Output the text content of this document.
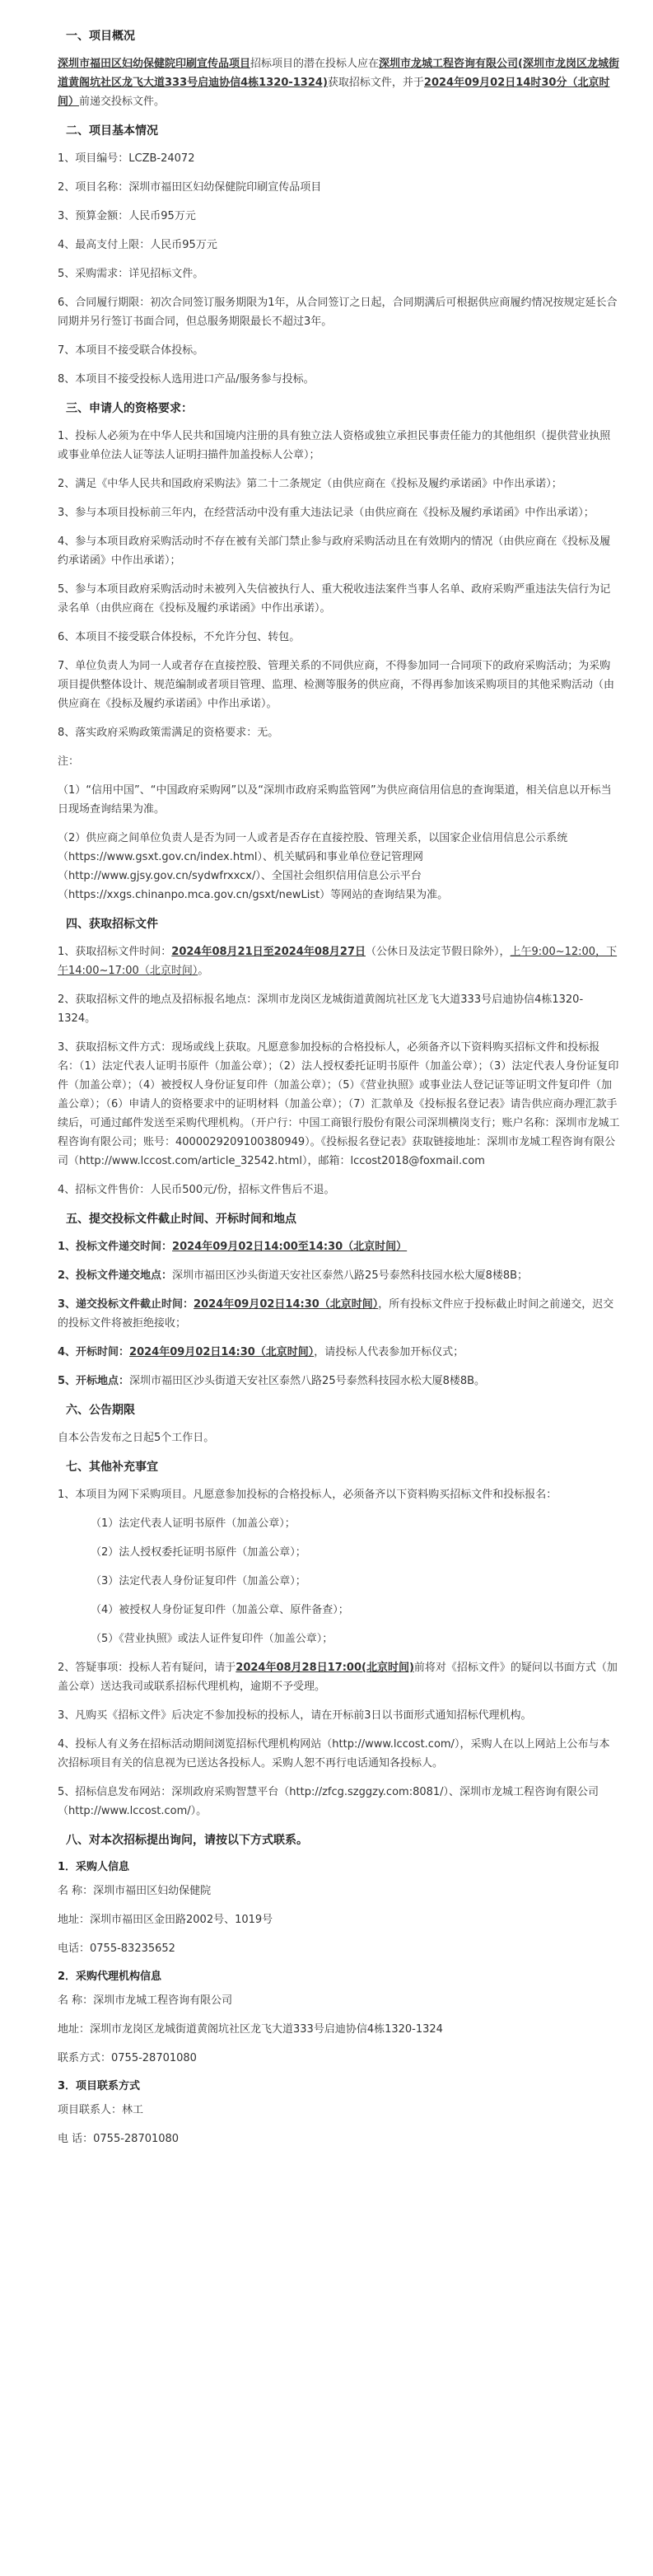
一、项目概况

深圳市福田区妇幼保健院印刷宣传品项目招标项目的潜在投标人应在深圳市龙城工程咨询有限公司(深圳市龙岗区龙城街道黄阁坑社区龙飞大道333号启迪协信4栋1320-1324)获取招标文件，并于2024年09月02日14时30分（北京时间）前递交投标文件。

二、项目基本情况

1、项目编号：LCZB-24072

2、项目名称：深圳市福田区妇幼保健院印刷宣传品项目

3、预算金额：人民币95万元

4、最高支付上限：人民币95万元

5、采购需求：详见招标文件。

6、合同履行期限：初次合同签订服务期限为1年，从合同签订之日起，合同期满后可根据供应商履约情况按规定延长合同期并另行签订书面合同，但总服务期限最长不超过3年。

7、本项目不接受联合体投标。

8、本项目不接受投标人选用进口产品/服务参与投标。

三、申请人的资格要求：

1、投标人必须为在中华人民共和国境内注册的具有独立法人资格或独立承担民事责任能力的其他组织（提供营业执照或事业单位法人证等法人证明扫描件加盖投标人公章）；

2、满足《中华人民共和国政府采购法》第二十二条规定（由供应商在《投标及履约承诺函》中作出承诺）；

3、参与本项目投标前三年内，在经营活动中没有重大违法记录（由供应商在《投标及履约承诺函》中作出承诺）；

4、参与本项目政府采购活动时不存在被有关部门禁止参与政府采购活动且在有效期内的情况（由供应商在《投标及履约承诺函》中作出承诺）；

5、参与本项目政府采购活动时未被列入失信被执行人、重大税收违法案件当事人名单、政府采购严重违法失信行为记录名单（由供应商在《投标及履约承诺函》中作出承诺）。

6、本项目不接受联合体投标，不允许分包、转包。

7、单位负责人为同一人或者存在直接控股、管理关系的不同供应商，不得参加同一合同项下的政府采购活动；为采购项目提供整体设计、规范编制或者项目管理、监理、检测等服务的供应商，不得再参加该采购项目的其他采购活动（由供应商在《投标及履约承诺函》中作出承诺）。

8、落实政府采购政策需满足的资格要求：无。

注：

（1）“信用中国”、“中国政府采购网”以及“深圳市政府采购监管网”为供应商信用信息的查询渠道，相关信息以开标当日现场查询结果为准。

（2）供应商之间单位负责人是否为同一人或者是否存在直接控股、管理关系，以国家企业信用信息公示系统（https://www.gsxt.gov.cn/index.html）、机关赋码和事业单位登记管理网（http://www.gjsy.gov.cn/sydwfrxxcx/）、全国社会组织信用信息公示平台（https://xxgs.chinanpo.mca.gov.cn/gsxt/newList）等网站的查询结果为准。

四、获取招标文件

1、获取招标文件时间：2024年08月21日至2024年08月27日（公休日及法定节假日除外），上午9:00~12:00，下午14:00~17:00（北京时间）。

2、获取招标文件的地点及招标报名地点：深圳市龙岗区龙城街道黄阁坑社区龙飞大道333号启迪协信4栋1320-1324。

3、获取招标文件方式：现场或线上获取。凡愿意参加投标的合格投标人，必须备齐以下资料购买招标文件和投标报名：（1）法定代表人证明书原件（加盖公章）；（2）法人授权委托证明书原件（加盖公章）；（3）法定代表人身份证复印件（加盖公章）；（4）被授权人身份证复印件（加盖公章）；（5）《营业执照》或事业法人登记证等证明文件复印件（加盖公章）；（6）申请人的资格要求中的证明材料（加盖公章）；（7）汇款单及《投标报名登记表》请告供应商办理汇款手续后，可通过邮件发送至采购代理机构。（开户行：中国工商银行股份有限公司深圳横岗支行；账户名称：深圳市龙城工程咨询有限公司；账号：4000029209100380949）。《投标报名登记表》获取链接地址：深圳市龙城工程咨询有限公司（http://www.lccost.com/article_32542.html），邮箱：lccost2018@foxmail.com

4、招标文件售价：人民币500元/份，招标文件售后不退。

五、提交投标文件截止时间、开标时间和地点

1、投标文件递交时间：2024年09月02日14:00至14:30（北京时间）

2、投标文件递交地点：深圳市福田区沙头街道天安社区泰然八路25号泰然科技园水松大厦8楼8B；

3、递交投标文件截止时间：2024年09月02日14:30（北京时间），所有投标文件应于投标截止时间之前递交，迟交的投标文件将被拒绝接收；

4、开标时间：2024年09月02日14:30（北京时间），请投标人代表参加开标仪式；

5、开标地点：深圳市福田区沙头街道天安社区泰然八路25号泰然科技园水松大厦8楼8B。

六、公告期限

自本公告发布之日起5个工作日。

七、其他补充事宜

1、本项目为网下采购项目。凡愿意参加投标的合格投标人，必须备齐以下资料购买招标文件和投标报名：

（1）法定代表人证明书原件（加盖公章）；

（2）法人授权委托证明书原件（加盖公章）；

（3）法定代表人身份证复印件（加盖公章）；

（4）被授权人身份证复印件（加盖公章、原件备查）；

（5）《营业执照》或法人证件复印件（加盖公章）；

2、答疑事项：投标人若有疑问，请于2024年08月28日17:00(北京时间)前将对《招标文件》的疑问以书面方式（加盖公章）送达我司或联系招标代理机构，逾期不予受理。

3、凡购买《招标文件》后决定不参加投标的投标人，请在开标前3日以书面形式通知招标代理机构。

4、投标人有义务在招标活动期间浏览招标代理机构网站（http://www.lccost.com/），采购人在以上网站上公布与本次招标项目有关的信息视为已送达各投标人。采购人恕不再行电话通知各投标人。

5、招标信息发布网站：深圳政府采购智慧平台（http://zfcg.szggzy.com:8081/）、深圳市龙城工程咨询有限公司（http://www.lccost.com/）。

八、对本次招标提出询问，请按以下方式联系。
1．采购人信息

名 称：深圳市福田区妇幼保健院

地址：深圳市福田区金田路2002号、1019号

电话：0755-83235652

2．采购代理机构信息

名 称：深圳市龙城工程咨询有限公司

地址：深圳市龙岗区龙城街道黄阁坑社区龙飞大道333号启迪协信4栋1320-1324

联系方式：0755-28701080

3．项目联系方式

项目联系人：林工

电 话：0755-28701080
